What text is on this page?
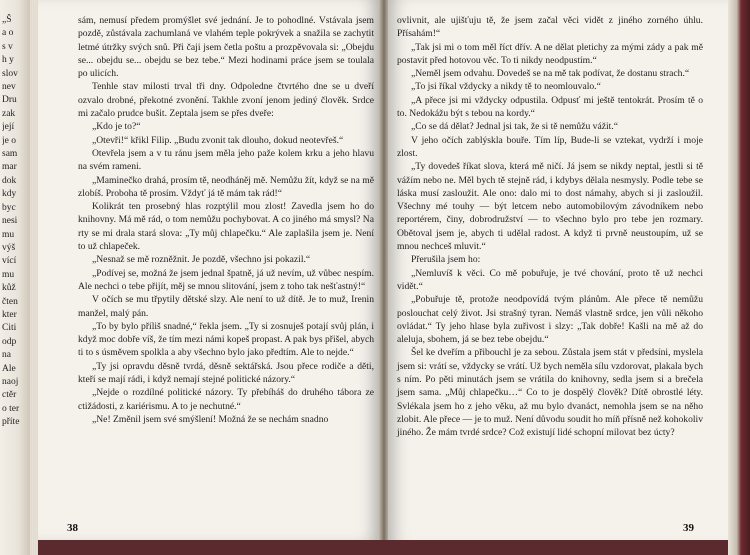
„Š
a o
s v
h y
slov
nev
Dru
zak
její
je o
sam
mar
dok
kdy
byc
nesi
mu
výš
vící
mu
kůž
čten
kter
Citi
odp
na
Ale
naoj
ctěr
o ter
příte

sám, nemusí předem promýšlet své jednání. Je to pohodlné. Vstávala jsem pozdě, zůstávala zachumlaná ve vlahém teple pokrývek a snažila se zachytit letmé útržky svých snů. Při čaji jsem četla poštu a prozpěvovala si: „Obejdu se... obejdu se... obejdu se bez tebe.“ Mezi hodinami práce jsem se toulala po ulicích.

Tenhle stav milosti trval tři dny. Odpoledne čtvrtého dne se u dveří ozvalo drobné, překotné zvonění. Takhle zvoní jenom jediný člověk. Srdce mi začalo prudce bušit. Zeptala jsem se přes dveře:

„Kdo je to?“

„Otevři!“ křikl Filip. „Budu zvonit tak dlouho, dokud neotevřeš.“

Otevřela jsem a v tu ránu jsem měla jeho paže kolem krku a jeho hlavu na svém rameni.

„Maminečko drahá, prosím tě, neodháněj mě. Nemůžu žít, když se na mě zlobíš. Proboha tě prosím. Vždyť já tě mám tak rád!“

Kolikrát ten prosebný hlas rozptýlil mou zlost! Zavedla jsem ho do knihovny. Má mě rád, o tom nemůžu pochybovat. A co jiného má smysl? Na rty se mi drala stará slova: „Ty můj chlapečku.“ Ale zaplašila jsem je. Není to už chlapeček.

„Nesnaž se mě rozněžnit. Je pozdě, všechno jsi pokazil.“

„Podívej se, možná že jsem jednal špatně, já už nevím, už vůbec nespím. Ale nechci o tebe přijít, měj se mnou slitování, jsem z toho tak nešťastný!“

V očích se mu třpytily dětské slzy. Ale není to už dítě. Je to muž, Irenin manžel, malý pán.

„To by bylo příliš snadné,“ řekla jsem. „Ty si zosnuješ potají svůj plán, i když moc dobře víš, že tím mezi námi kopeš propast. A pak bys přišel, abych ti to s úsměvem spolkla a aby všechno bylo jako předtím. Ale to nejde.“

„Ty jsi opravdu děsně tvrdá, děsně sektářská. Jsou přece rodiče a děti, kteří se mají rádi, i když nemají stejné politické názory.“

„Nejde o rozdílné politické názory. Ty přebíháš do druhého tábora ze ctižádosti, z kariérismu. A to je nechutné.“

„Ne! Změnil jsem své smýšlení! Možná že se nechám snadno

38

ovlivnit, ale ujišťuju tě, že jsem začal věci vidět z jiného zorného úhlu. Přísahám!“

„Tak jsi mi o tom měl říct dřív. A ne dělat pletichy za mými zády a pak mě postavit před hotovou věc. To ti nikdy neodpustím.“

„Neměl jsem odvahu. Dovedeš se na mě tak podívat, že dostanu strach.“

„To jsi říkal vždycky a nikdy tě to neomlouvalo.“

„A přece jsi mi vždycky odpustila. Odpusť mi ještě tentokrát. Prosím tě o to. Nedokážu být s tebou na kordy.“

„Co se dá dělat? Jednal jsi tak, že si tě nemůžu vážit.“

V jeho očích zablýskla bouře. Tím líp, Bude-li se vztekat, vydrží i moje zlost.

„Ty dovedeš říkat slova, která mě ničí. Já jsem se nikdy neptal, jestli si tě vážím nebo ne. Měl bych tě stejně rád, i kdybys dělala nesmysly. Podle tebe se láska musí zasloužit. Ale ono: dalo mi to dost námahy, abych si ji zasloužil. Všechny mé touhy — být letcem nebo automobilovým závodníkem nebo reportérem, činy, dobrodružství — to všechno bylo pro tebe jen rozmary. Obětoval jsem je, abych ti udělal radost. A když ti prvně neustoupím, už se mnou nechceš mluvit.“

Přerušila jsem ho:

„Nemluvíš k věci. Co mě pobuřuje, je tvé chování, proto tě už nechci vidět.“

„Pobuřuje tě, protože neodpovídá tvým plánům. Ale přece tě nemůžu poslouchat celý život. Jsi strašný tyran. Nemáš vlastně srdce, jen vůli někoho ovládat.“ Ty jeho hlase byla zuřivost i slzy: „Tak dobře! Kašli na mě až do aleluja, sbohem, já se bez tebe obejdu.“

Šel ke dveřím a přibouchl je za sebou. Zůstala jsem stát v předsíni, myslela jsem si: vrátí se, vždycky se vrátí. Už bych neměla sílu vzdorovat, plakala bych s ním. Po pěti minutách jsem se vrátila do knihovny, sedla jsem si a brečela jsem sama. „Můj chlapečku…“ Co to je dospělý člověk? Dítě obrostlé léty. Svlékala jsem ho z jeho věku, až mu bylo dvanáct, nemohla jsem se na něho zlobit. Ale přece — je to muž. Není důvodu soudit ho míň přísně než kohokoliv jiného. Že mám tvrdé srdce? Což existují lidé schopní milovat bez úcty?

39
